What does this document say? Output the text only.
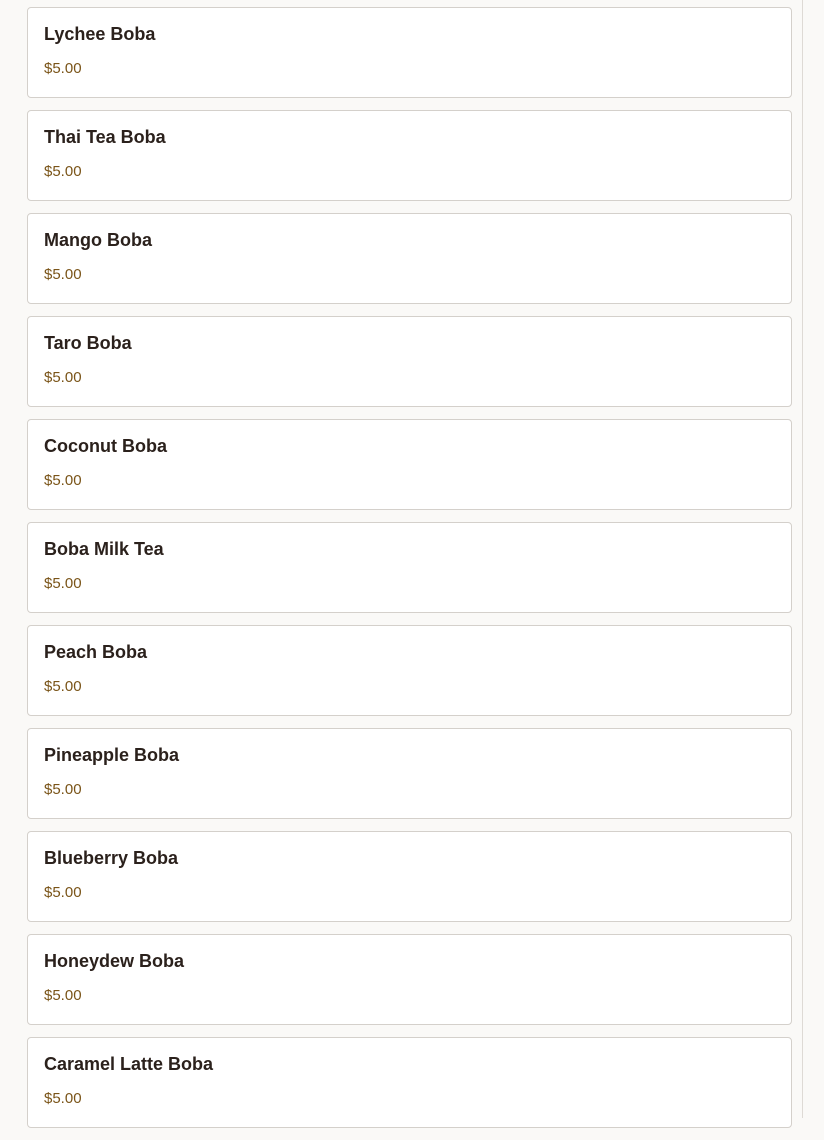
Lychee Boba
$5.00
Thai Tea Boba
$5.00
Mango Boba
$5.00
Taro Boba
$5.00
Coconut Boba
$5.00
Boba Milk Tea
$5.00
Peach Boba
$5.00
Pineapple Boba
$5.00
Blueberry Boba
$5.00
Honeydew Boba
$5.00
Caramel Latte Boba
$5.00
